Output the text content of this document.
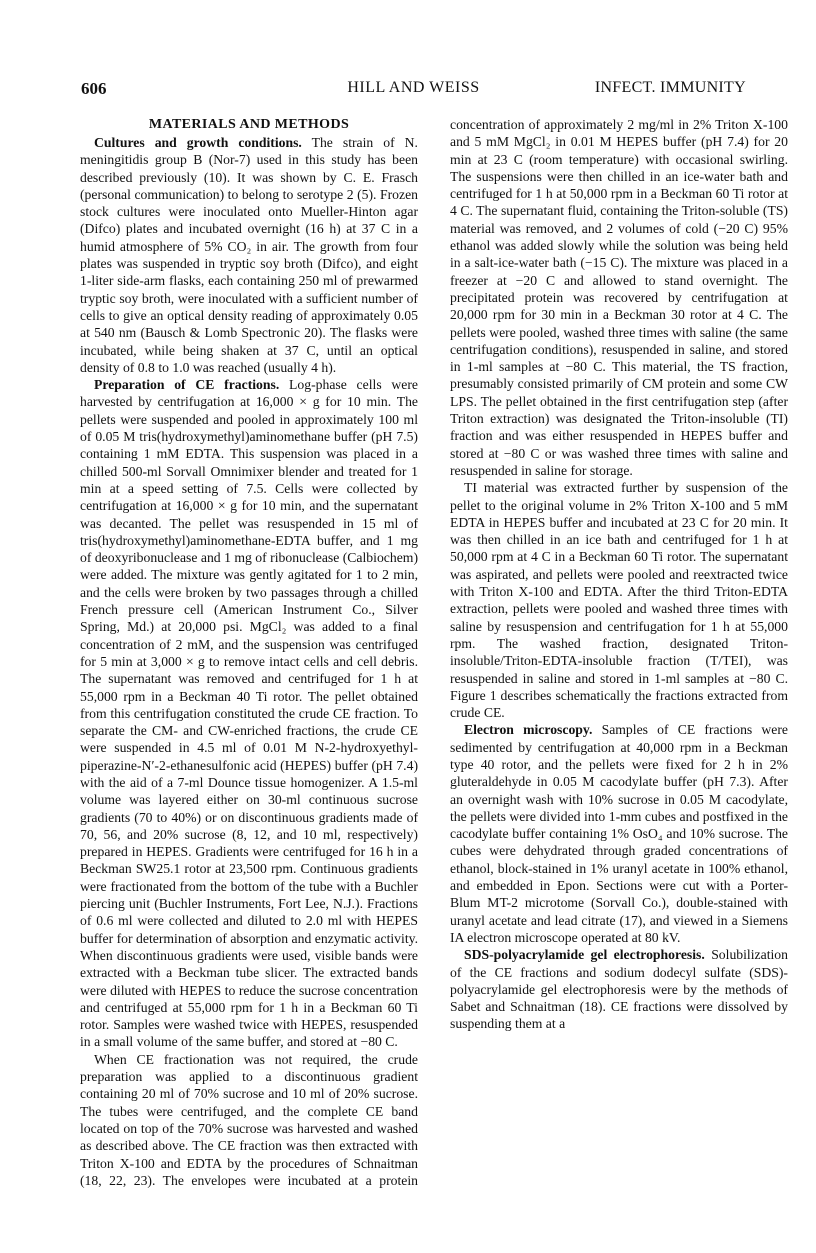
606	HILL AND WEISS	INFECT. IMMUNITY
MATERIALS AND METHODS

Cultures and growth conditions. The strain of N. meningitidis group B (Nor-7) used in this study has been described previously (10). It was shown by C. E. Frasch (personal communication) to belong to serotype 2 (5). Frozen stock cultures were inoculated onto Mueller-Hinton agar (Difco) plates and incubated overnight (16 h) at 37 C in a humid atmosphere of 5% CO₂ in air. The growth from four plates was suspended in tryptic soy broth (Difco), and eight 1-liter side-arm flasks, each containing 250 ml of prewarmed tryptic soy broth, were inoculated with a sufficient number of cells to give an optical density reading of approximately 0.05 at 540 nm (Bausch & Lomb Spectronic 20). The flasks were incubated, while being shaken at 37 C, until an optical density of 0.8 to 1.0 was reached (usually 4 h).

Preparation of CE fractions. Log-phase cells were harvested by centrifugation at 16,000 × g for 10 min. The pellets were suspended and pooled in approximately 100 ml of 0.05 M tris(hydroxymethyl)aminomethane buffer (pH 7.5) containing 1 mM EDTA. This suspension was placed in a chilled 500-ml Sorvall Omnimixer blender and treated for 1 min at a speed setting of 7.5. Cells were collected by centrifugation at 16,000 × g for 10 min, and the supernatant was decanted. The pellet was resuspended in 15 ml of tris(hydroxymethyl)aminomethane-EDTA buffer, and 1 mg of deoxyribonuclease and 1 mg of ribonuclease (Calbiochem) were added. The mixture was gently agitated for 1 to 2 min, and the cells were broken by two passages through a chilled French pressure cell (American Instrument Co., Silver Spring, Md.) at 20,000 psi. MgCl₂ was added to a final concentration of 2 mM, and the suspension was centrifuged for 5 min at 3,000 × g to remove intact cells and cell debris. The supernatant was removed and centrifuged for 1 h at 55,000 rpm in a Beckman 40 Ti rotor. The pellet obtained from this centrifugation constituted the crude CE fraction. To separate the CM- and CW-enriched fractions, the crude CE were suspended in 4.5 ml of 0.01 M N-2-hydroxyethyl-piperazine-N′-2-ethanesulfonic acid (HEPES) buffer (pH 7.4) with the aid of a 7-ml Dounce tissue homogenizer. A 1.5-ml volume was layered either on 30-ml continuous sucrose gradients (70 to 40%) or on discontinuous gradients made of 70, 56, and 20% sucrose (8, 12, and 10 ml, respectively) prepared in HEPES. Gradients were centrifuged for 16 h in a Beckman SW25.1 rotor at 23,500 rpm. Continuous gradients were fractionated from the bottom of the tube with a Buchler piercing unit (Buchler Instruments, Fort Lee, N.J.). Fractions of 0.6 ml were collected and diluted to 2.0 ml with HEPES buffer for determination of absorption and enzymatic activity. When discontinuous gradients were used, visible bands were extracted with a Beckman tube slicer. The extracted bands were diluted with HEPES to reduce the sucrose concentration and centrifuged at 55,000 rpm for 1 h in a Beckman 60 Ti rotor. Samples were washed twice with HEPES, resuspended in a small volume of the same buffer, and stored at −80 C.

When CE fractionation was not required, the crude preparation was applied to a discontinuous gradient containing 20 ml of 70% sucrose and 10 ml of 20% sucrose. The tubes were centrifuged, and the complete CE band located on top of the 70% sucrose was harvested and washed as described above. The CE fraction was then extracted with Triton X-100 and EDTA by the procedures of Schnaitman (18, 22, 23). The envelopes were incubated at a protein

concentration of approximately 2 mg/ml in 2% Triton X-100 and 5 mM MgCl₂ in 0.01 M HEPES buffer (pH 7.4) for 20 min at 23 C (room temperature) with occasional swirling. The suspensions were then chilled in an ice-water bath and centrifuged for 1 h at 50,000 rpm in a Beckman 60 Ti rotor at 4 C. The supernatant fluid, containing the Triton-soluble (TS) material was removed, and 2 volumes of cold (−20 C) 95% ethanol was added slowly while the solution was being held in a salt-ice-water bath (−15 C). The mixture was placed in a freezer at −20 C and allowed to stand overnight. The precipitated protein was recovered by centrifugation at 20,000 rpm for 30 min in a Beckman 30 rotor at 4 C. The pellets were pooled, washed three times with saline (the same centrifugation conditions), resuspended in saline, and stored in 1-ml samples at −80 C. This material, the TS fraction, presumably consisted primarily of CM protein and some CW LPS. The pellet obtained in the first centrifugation step (after Triton extraction) was designated the Triton-insoluble (TI) fraction and was either resuspended in HEPES buffer and stored at −80 C or was washed three times with saline and resuspended in saline for storage.

TI material was extracted further by suspension of the pellet to the original volume in 2% Triton X-100 and 5 mM EDTA in HEPES buffer and incubated at 23 C for 20 min. It was then chilled in an ice bath and centrifuged for 1 h at 50,000 rpm at 4 C in a Beckman 60 Ti rotor. The supernatant was aspirated, and pellets were pooled and reextracted twice with Triton X-100 and EDTA. After the third Triton-EDTA extraction, pellets were pooled and washed three times with saline by resuspension and centrifugation for 1 h at 55,000 rpm. The washed fraction, designated Triton-insoluble/Triton-EDTA-insoluble fraction (T/TEI), was resuspended in saline and stored in 1-ml samples at −80 C. Figure 1 describes schematically the fractions extracted from crude CE.

Electron microscopy. Samples of CE fractions were sedimented by centrifugation at 40,000 rpm in a Beckman type 40 rotor, and the pellets were fixed for 2 h in 2% gluteraldehyde in 0.05 M cacodylate buffer (pH 7.3). After an overnight wash with 10% sucrose in 0.05 M cacodylate, the pellets were divided into 1-mm cubes and postfixed in the cacodylate buffer containing 1% OsO₄ and 10% sucrose. The cubes were dehydrated through graded concentrations of ethanol, block-stained in 1% uranyl acetate in 100% ethanol, and embedded in Epon. Sections were cut with a Porter-Blum MT-2 microtome (Sorvall Co.), double-stained with uranyl acetate and lead citrate (17), and viewed in a Siemens IA electron microscope operated at 80 kV.

SDS-polyacrylamide gel electrophoresis. Solubilization of the CE fractions and sodium dodecyl sulfate (SDS)-polyacrylamide gel electrophoresis were by the methods of Sabet and Schnaitman (18). CE fractions were dissolved by suspending them at a
